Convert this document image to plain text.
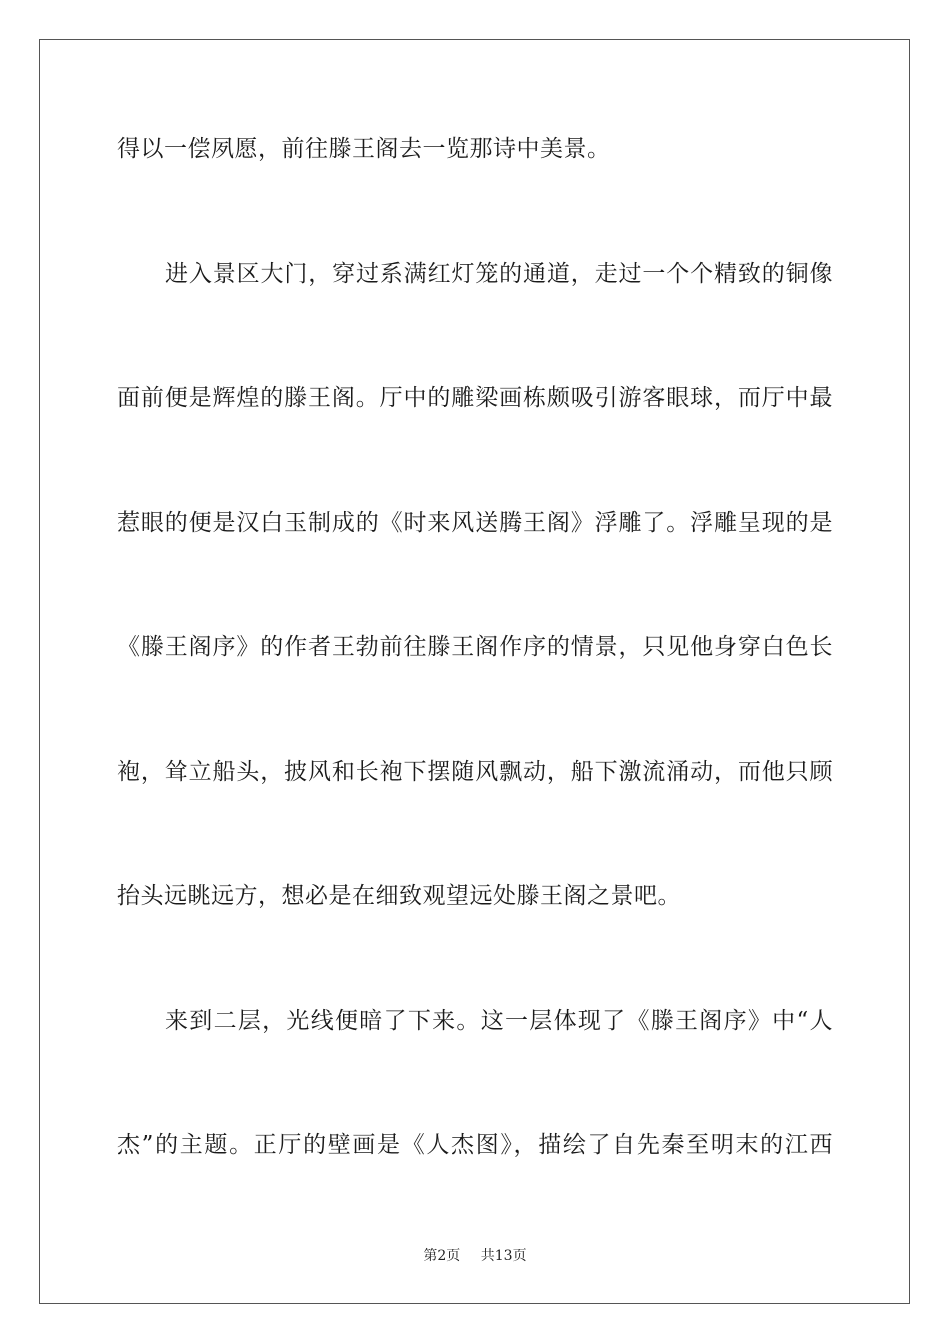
得以一偿夙愿，前往滕王阁去一览那诗中美景。
进入景区大门，穿过系满红灯笼的通道，走过一个个精致的铜像
面前便是辉煌的滕王阁。厅中的雕梁画栋颇吸引游客眼球，而厅中最
惹眼的便是汉白玉制成的《时来风送腾王阁》浮雕了。浮雕呈现的是
《滕王阁序》的作者王勃前往滕王阁作序的情景，只见他身穿白色长
袍，耸立船头，披风和长袍下摆随风飘动，船下激流涌动，而他只顾
抬头远眺远方，想必是在细致观望远处滕王阁之景吧。
来到二层，光线便暗了下来。这一层体现了《滕王阁序》中“人
杰”的主题。正厅的壁画是《人杰图》，描绘了自先秦至明末的江西
第2页 共13页
